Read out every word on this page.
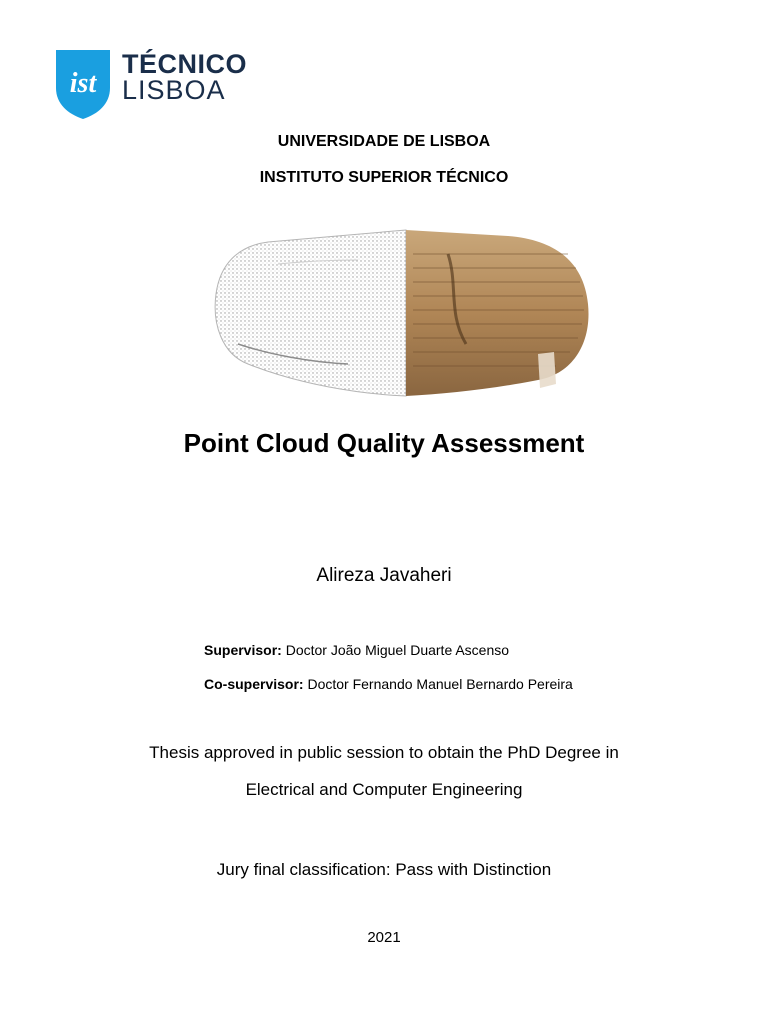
ist
TÉCNICO
LISBOA
UNIVERSIDADE DE LISBOA
INSTITUTO SUPERIOR TÉCNICO
Point Cloud Quality Assessment
Alireza Javaheri
Supervisor: Doctor João Miguel Duarte Ascenso
Co-supervisor: Doctor Fernando Manuel Bernardo Pereira
Thesis approved in public session to obtain the PhD Degree in
Electrical and Computer Engineering
Jury final classification: Pass with Distinction
2021
